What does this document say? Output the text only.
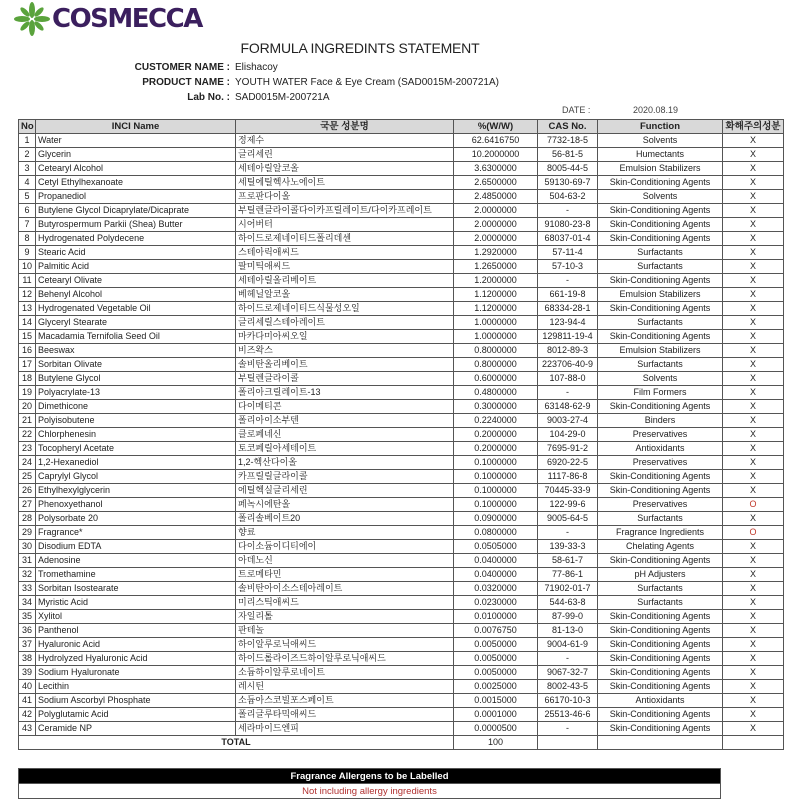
COSMECCA
FORMULA INGREDINTS STATEMENT
CUSTOMER NAME : Elishacoy
PRODUCT NAME : YOUTH WATER Face & Eye Cream (SAD0015M-200721A)
Lab No. : SAD0015M-200721A
DATE :	2020.08.19
No	INCI Name	국문 성분명	%(W/W)	CAS No.	Function	화해주의성분
1	Water	정제수	62.6416750	7732-18-5	Solvents	X
2	Glycerin	글리세린	10.2000000	56-81-5	Humectants	X
3	Cetearyl Alcohol	세테아릴알코올	3.6300000	8005-44-5	Emulsion Stabilizers	X
4	Cetyl Ethylhexanoate	세틸에틸헥사노에이트	2.6500000	59130-69-7	Skin-Conditioning Agents	X
5	Propanediol	프로판다이올	2.4850000	504-63-2	Solvents	X
6	Butylene Glycol Dicaprylate/Dicaprate	부틸렌글라이콜다이카프릴레이트/다이카프레이트	2.0000000	-	Skin-Conditioning Agents	X
7	Butyrospermum Parkii (Shea) Butter	시어버터	2.0000000	91080-23-8	Skin-Conditioning Agents	X
8	Hydrogenated Polydecene	하이드로제네이티드폴리데센	2.0000000	68037-01-4	Skin-Conditioning Agents	X
9	Stearic Acid	스테아릭애씨드	1.2920000	57-11-4	Surfactants	X
10	Palmitic Acid	팔미틱애씨드	1.2650000	57-10-3	Surfactants	X
11	Cetearyl Olivate	세테아릴올리베이트	1.2000000	-	Skin-Conditioning Agents	X
12	Behenyl Alcohol	베헤닐알코올	1.1200000	661-19-8	Emulsion Stabilizers	X
13	Hydrogenated Vegetable Oil	하이드로제네이티드식물성오일	1.1200000	68334-28-1	Skin-Conditioning Agents	X
14	Glyceryl Stearate	글리세릴스테아레이트	1.0000000	123-94-4	Surfactants	X
15	Macadamia Ternifolia Seed Oil	마카다미아씨오일	1.0000000	129811-19-4	Skin-Conditioning Agents	X
16	Beeswax	비즈왁스	0.8000000	8012-89-3	Emulsion Stabilizers	X
17	Sorbitan Olivate	솔비탄올리베이트	0.8000000	223706-40-9	Surfactants	X
18	Butylene Glycol	부틸렌글라이콜	0.6000000	107-88-0	Solvents	X
19	Polyacrylate-13	폴리아크릴레이트-13	0.4800000	-	Film Formers	X
20	Dimethicone	다이메티콘	0.3000000	63148-62-9	Skin-Conditioning Agents	X
21	Polyisobutene	폴리아이소부텐	0.2240000	9003-27-4	Binders	X
22	Chlorphenesin	클로페네신	0.2000000	104-29-0	Preservatives	X
23	Tocopheryl Acetate	토코페릴아세테이트	0.2000000	7695-91-2	Antioxidants	X
24	1,2-Hexanediol	1,2-헥산다이올	0.1000000	6920-22-5	Preservatives	X
25	Caprylyl Glycol	카프릴릴글라이콜	0.1000000	1117-86-8	Skin-Conditioning Agents	X
26	Ethylhexylglycerin	에틸헥실글리세린	0.1000000	70445-33-9	Skin-Conditioning Agents	X
27	Phenoxyethanol	페녹시에탄올	0.1000000	122-99-6	Preservatives	O
28	Polysorbate 20	폴리솔베이트20	0.0900000	9005-64-5	Surfactants	X
29	Fragrance*	향료	0.0800000	-	Fragrance Ingredients	O
30	Disodium EDTA	다이소듐이디티에이	0.0505000	139-33-3	Chelating Agents	X
31	Adenosine	아데노신	0.0400000	58-61-7	Skin-Conditioning Agents	X
32	Tromethamine	트로메타민	0.0400000	77-86-1	pH Adjusters	X
33	Sorbitan Isostearate	솔비탄아이소스테아레이트	0.0320000	71902-01-7	Surfactants	X
34	Myristic Acid	미리스틱애씨드	0.0230000	544-63-8	Surfactants	X
35	Xylitol	자일리톨	0.0100000	87-99-0	Skin-Conditioning Agents	X
36	Panthenol	판테놀	0.0076750	81-13-0	Skin-Conditioning Agents	X
37	Hyaluronic Acid	하이알루로닉애씨드	0.0050000	9004-61-9	Skin-Conditioning Agents	X
38	Hydrolyzed Hyaluronic Acid	하이드롤라이즈드하이알루로닉애씨드	0.0050000	-	Skin-Conditioning Agents	X
39	Sodium Hyaluronate	소듐하이알루로네이트	0.0050000	9067-32-7	Skin-Conditioning Agents	X
40	Lecithin	레시틴	0.0025000	8002-43-5	Skin-Conditioning Agents	X
41	Sodium Ascorbyl Phosphate	소듐아스코빌포스페이트	0.0015000	66170-10-3	Antioxidants	X
42	Polyglutamic Acid	폴리글루타믹애씨드	0.0001000	25513-46-6	Skin-Conditioning Agents	X
43	Ceramide NP	세라마이드엔피	0.0000500	-	Skin-Conditioning Agents	X
TOTAL			100			
Fragrance Allergens to be Labelled
Not including allergy ingredients
